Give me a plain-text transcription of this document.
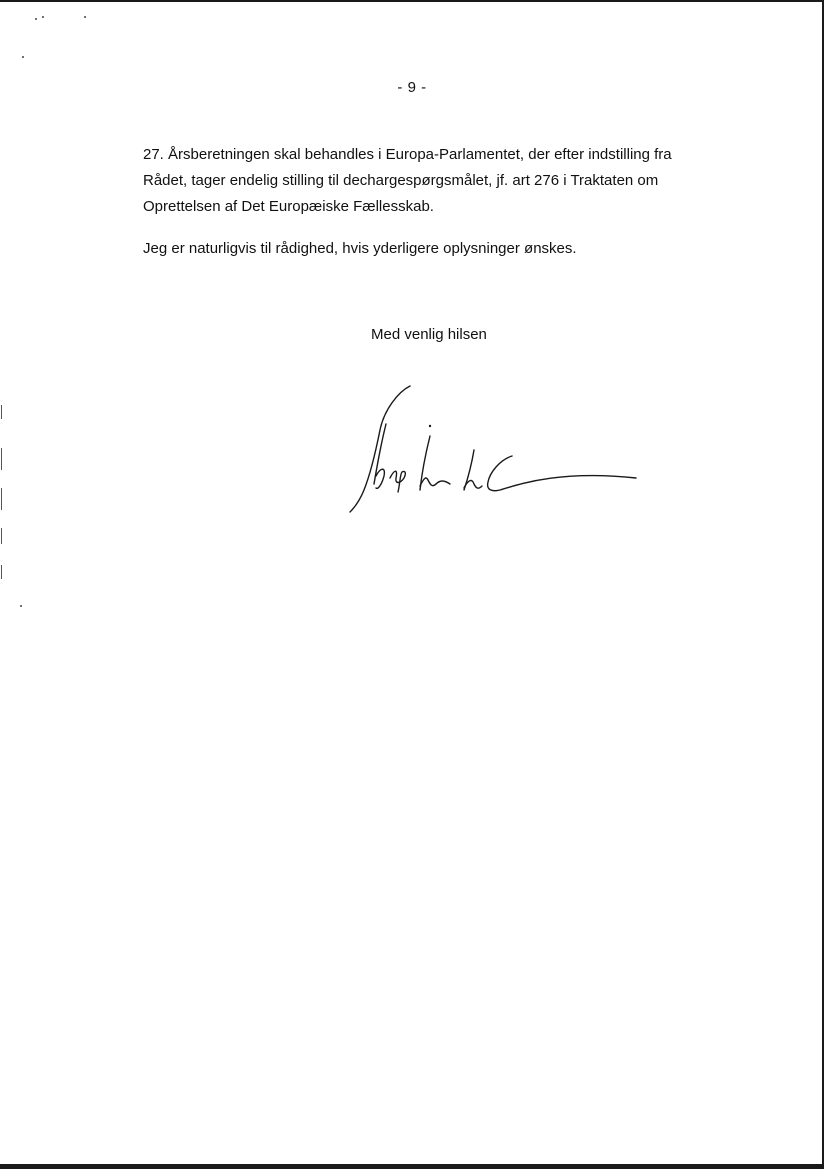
- 9 -

27. Årsberetningen skal behandles i Europa-Parlamentet, der efter indstilling fra Rådet, tager endelig stilling til dechargespørgsmålet, jf. art 276 i Traktaten om Oprettelsen af Det Europæiske Fællesskab.

Jeg er naturligvis til rådighed, hvis yderligere oplysninger ønskes.

Med venlig hilsen
